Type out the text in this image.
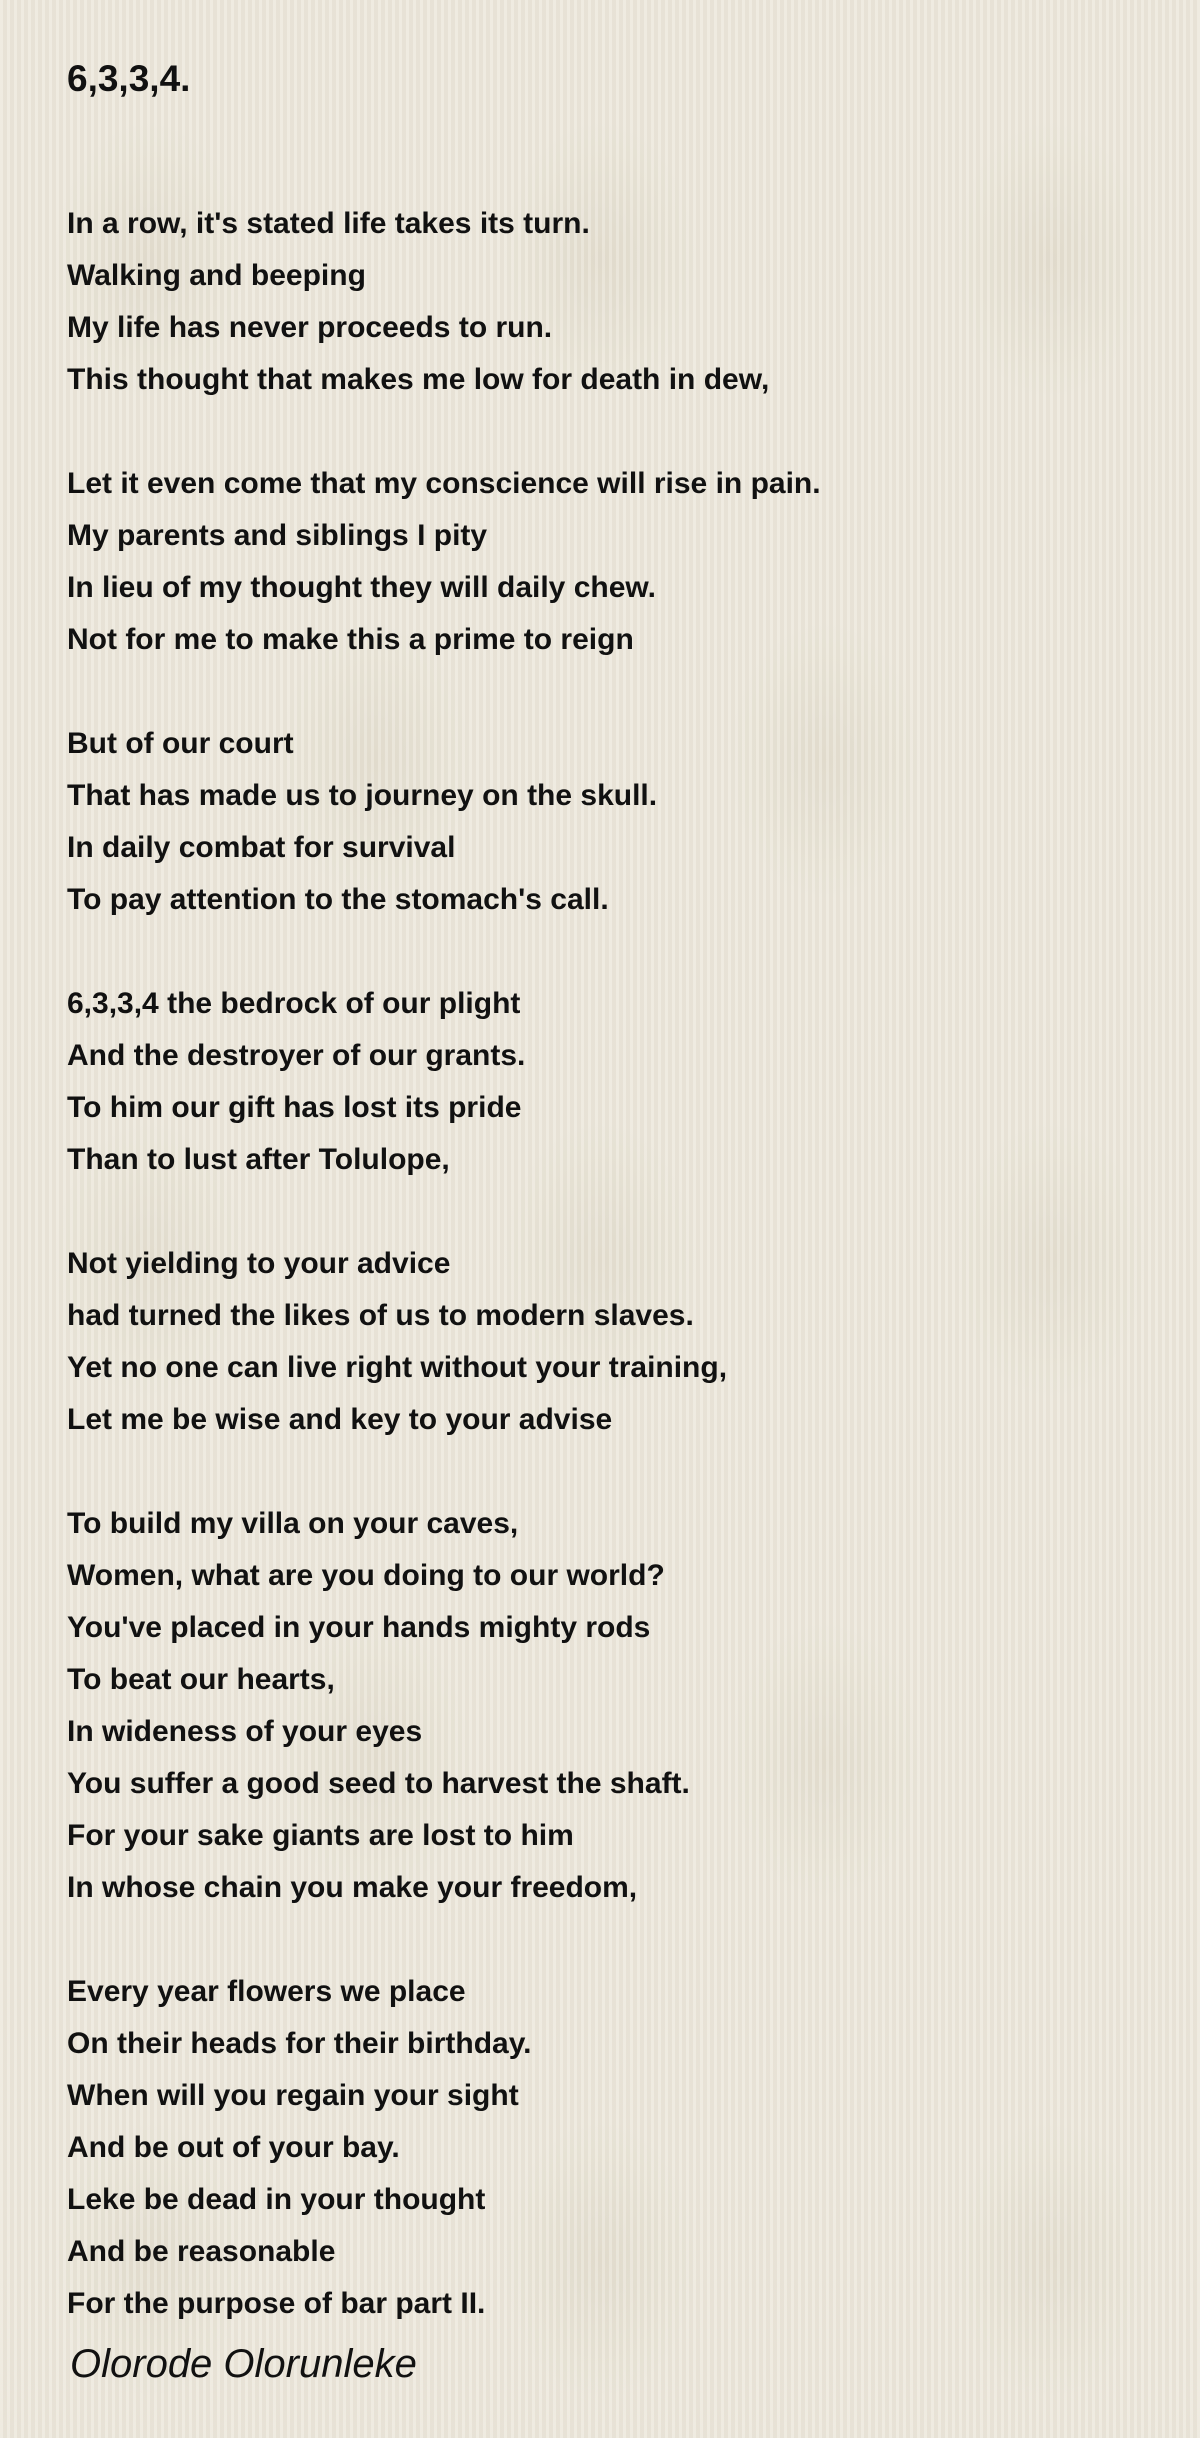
6,3,3,4.
In a row, it's stated life takes its turn.
Walking and beeping
My life has never proceeds to run.
This thought that makes me low for death in dew,
Let it even come that my conscience will rise in pain.
My parents and siblings I pity
In lieu of my thought they will daily chew.
Not for me to make this a prime to reign
But of our court
That has made us to journey on the skull.
In daily combat for survival
To pay attention to the stomach's call.
6,3,3,4 the bedrock of our plight
And the destroyer of our grants.
To him our gift has lost its pride
Than to lust after Tolulope,
Not yielding to your advice
had turned the likes of us to modern slaves.
Yet no one can live right without your training,
Let me be wise and key to your advise
To build my villa on your caves,
Women, what are you doing to our world?
You've placed in your hands mighty rods
To beat our hearts,
In wideness of your eyes
You suffer a good seed to harvest the shaft.
For your sake giants are lost to him
In whose chain you make your freedom,
Every year flowers we place
On their heads for their birthday.
When will you regain your sight
And be out of your bay.
Leke be dead in your thought
And be reasonable
For the purpose of bar part II.
Olorode Olorunleke
